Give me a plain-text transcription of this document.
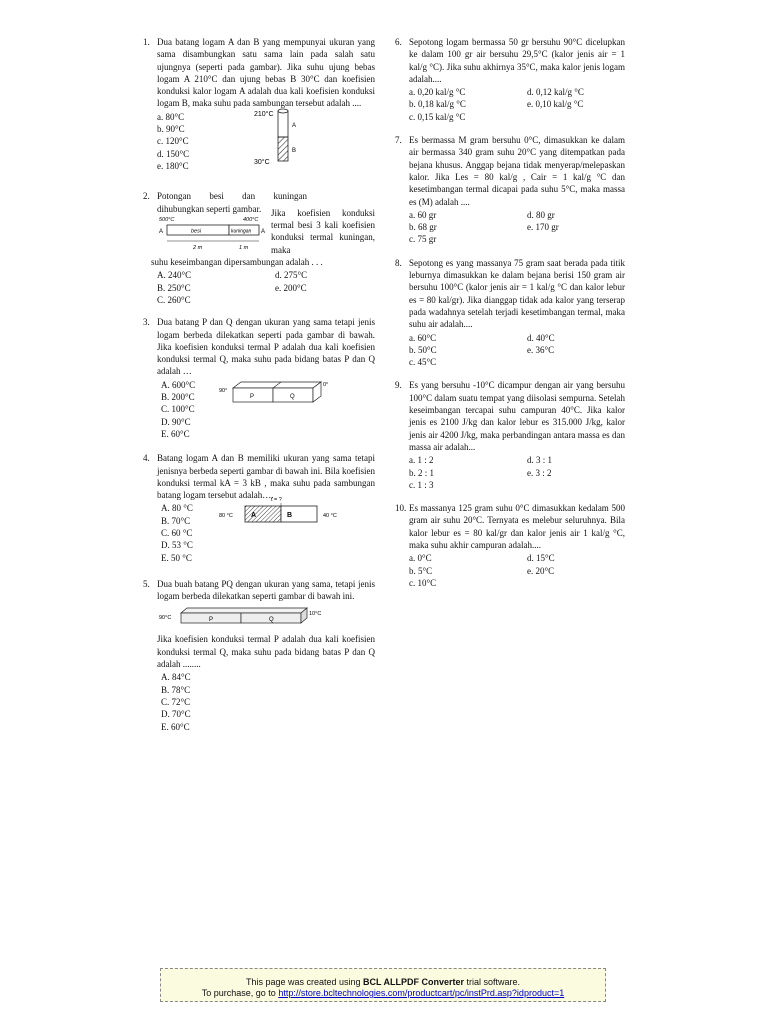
1. Dua batang logam A dan B yang mempunyai ukuran yang sama disambungkan satu sama lain pada salah satu ujungnya (seperti pada gambar). Jika suhu ujung bebas logam A 210°C dan ujung bebas B 30°C dan koefisien konduksi kalor logam A adalah dua kali koefisien konduksi logam B, maka suhu pada sambungan tersebut adalah ....
a. 80°C
b. 90°C
c. 120°C
d. 150°C
e. 180°C
210°C
30°C
A
B
2. Potongan besi dan kuningan dihubungkan seperti gambar.
500°C	400°C
A	A
besi	kuningan
2 m	1 m
Jika koefisien konduksi termal besi 3 kali koefisien konduksi termal kuningan, maka
suhu keseimbangan dipersambungan adalah . . .
A. 240°C	d. 275°C
B. 250°C	e. 200°C
C. 260°C
3. Dua batang P dan Q dengan ukuran yang sama tetapi jenis logam berbeda dilekatkan seperti pada gambar di bawah. Jika koefisien konduksi termal P adalah dua kali koefisien konduksi termal Q, maka suhu pada bidang batas P dan Q adalah …
A. 600°C
B. 200°C
C. 100°C
D. 90°C
E. 60°C
90°
0°
P	Q
4. Batang logam A dan B memiliki ukuran yang sama tetapi jenisnya berbeda seperti gambar di bawah ini. Bila koefisien konduksi termal kA = 3 kB , maka suhu pada sambungan batang logam tersebut adalah….
A. 80 °C
B. 70°C
C. 60 °C
D. 53 °C
E. 50 °C
t = ?
80 °C	40 °C
A	B
5. Dua buah batang PQ dengan ukuran yang sama, tetapi jenis logam berbeda dilekatkan seperti gambar di bawah ini.
90°C
10°C
P	Q
Jika koefisien konduksi termal P adalah dua kali koefisien konduksi termal Q, maka suhu pada bidang batas P dan Q adalah ........
A. 84°C
B. 78°C
C. 72°C
D. 70°C
E. 60°C
6. Sepotong logam bermassa 50 gr bersuhu 90°C dicelupkan ke dalam 100 gr air bersuhu 29,5°C (kalor jenis air = 1 kal/g °C). Jika suhu akhirnya 35°C, maka kalor jenis logam adalah....
a. 0,20 kal/g °C	d. 0,12 kal/g °C
b. 0,18 kal/g °C	e. 0,10 kal/g °C
c. 0,15 kal/g °C
7. Es bermassa M gram bersuhu 0°C, dimasukkan ke dalam air bermassa 340 gram suhu 20°C yang ditempatkan pada bejana khusus. Anggap bejana tidak menyerap/melepaskan kalor. Jika Les = 80 kal/g , Cair = 1 kal/g °C dan kesetimbangan termal dicapai pada suhu 5°C, maka massa es (M) adalah ....
a. 60 gr	d. 80 gr
b. 68 gr	e. 170 gr
c. 75 gr
8. Sepotong es yang massanya 75 gram saat berada pada titik leburnya dimasukkan ke dalam bejana berisi 150 gram air bersuhu 100°C (kalor jenis air = 1 kal/g °C dan kalor lebur es = 80 kal/gr). Jika dianggap tidak ada kalor yang terserap pada wadahnya setelah terjadi kesetimbangan termal, maka suhu air adalah....
a. 60°C	d. 40°C
b. 50°C	e. 36°C
c. 45°C
9. Es yang bersuhu -10°C dicampur dengan air yang bersuhu 100°C dalam suatu tempat yang diisolasi sempurna. Setelah keseimbangan tercapai suhu campuran 40°C. Jika kalor jenis es 2100 J/kg dan kalor lebur es 315.000 J/kg, kalor jenis air 4200 J/kg, maka perbandingan antara massa es dan massa air adalah...
a. 1 : 2	d. 3 : 1
b. 2 : 1	e. 3 : 2
c. 1 : 3
10. Es massanya 125 gram suhu 0°C dimasukkan kedalam 500 gram air suhu 20°C. Ternyata es melebur seluruhnya. Bila kalor lebur es = 80 kal/gr dan kalor jenis air 1 kal/g °C, maka suhu akhir campuran adalah....
a. 0°C	d. 15°C
b. 5°C	e. 20°C
c. 10°C
This page was created using BCL ALLPDF Converter trial software.
To purchase, go to http://store.bcltechnologies.com/productcart/pc/instPrd.asp?idproduct=1
